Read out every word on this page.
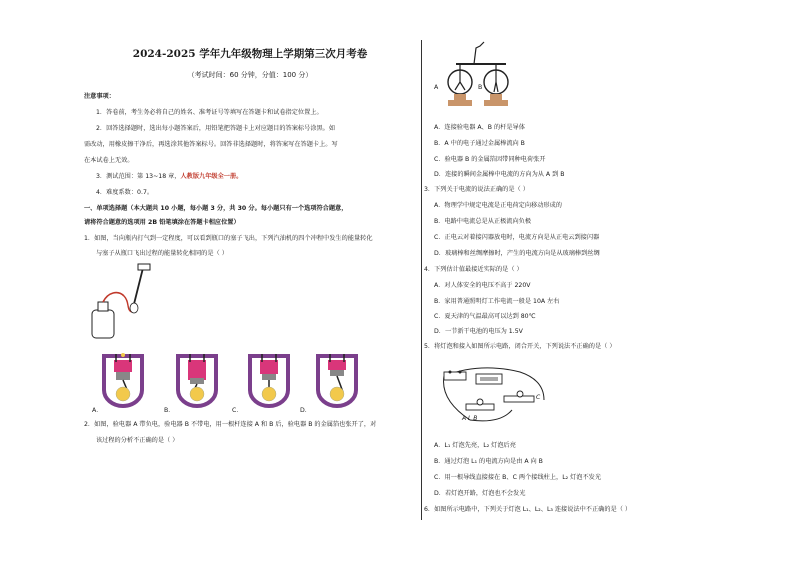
2024-2025 学年九年级物理上学期第三次月考卷
（考试时间：60 分钟，分值：100 分）
注意事项：
1．答卷前，考生务必将自己的姓名、准考证号等填写在答题卡和试卷指定位置上。
2．回答选择题时，选出每小题答案后，用铅笔把答题卡上对应题目的答案标号涂黑。如
需改动，用橡皮擦干净后，再选涂其他答案标号。回答非选择题时，将答案写在答题卡上。写
在本试卷上无效。
3．测试范围：第 13~18 章，人教版九年级全一册。
4．难度系数：0.7。
一、单项选择题（本大题共 10 小题，每小题 3 分，共 30 分。每小题只有一个选项符合题意，
请将符合题意的选项用 2B 铅笔填涂在答题卡相应位置）
1．如图，当向瓶内打气到一定程度，可以看到瓶口的塞子飞出，下列汽油机的四个冲程中发生的能量转化
与塞子从瓶口飞出过程的能量转化相同的是（ ）
A．	B．	C．	D．
2．如图，验电器 A 带负电，验电器 B 不带电，用一根杆连接 A 和 B 后，验电器 B 的金属箔也张开了，对
该过程的分析不正确的是（ ）
A	B
A．连接验电器 A、B 的杆是导体
B．A 中的电子通过金属棒流向 B
C．验电器 B 的金属箔因带同种电荷张开
D．连接的瞬间金属棒中电流的方向为从 A 到 B
3．下列关于电流的说法正确的是（ ）
A．物理学中规定电流是正电荷定向移动形成的
B．电路中电流总是从正极流向负极
C．正电云对着接闪器放电时，电流方向是从正电云到接闪器
D．玻璃棒和丝绸摩擦时，产生的电流方向是从玻璃棒到丝绸
4．下列估计值最接近实际的是（ ）
A．对人体安全的电压不高于 220V
B．家用普通照明灯工作电流一般是 10A 左右
C．夏天津的气温最高可以达到 80℃
D．一节新干电池的电压为 1.5V
5．将灯泡和接入如图所示电路，闭合开关，下列说法不正确的是（ ）
A L B
C
A．L₁ 灯泡先亮，L₂ 灯泡后亮
B．通过灯泡 L₁ 的电流方向是由 A 向 B
C．用一根导线直接接在 B、C 两个接线柱上，L₂ 灯泡不发光
D．若灯泡开路，灯泡也不会发光
6．如图所示电路中，下列关于灯泡 L₁、L₂、L₃ 连接说法中不正确的是（ ）
